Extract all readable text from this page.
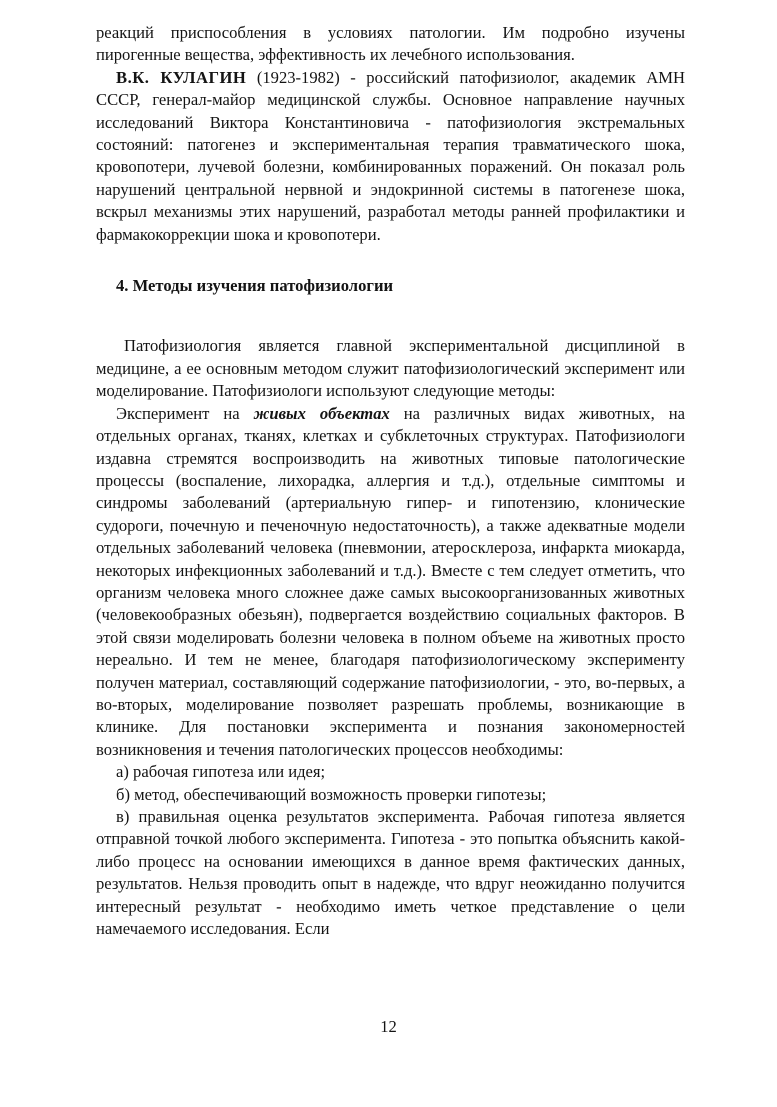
реакций приспособления в условиях патологии. Им подробно изучены пирогенные вещества, эффективность их лечебного использования.

В.К. КУЛАГИН (1923-1982) - российский патофизиолог, академик АМН СССР, генерал-майор медицинской службы. Основное направление научных исследований Виктора Константиновича - патофизиология экстремальных состояний: патогенез и экспериментальная терапия травматического шока, кровопотери, лучевой болезни, комбинированных поражений. Он показал роль нарушений центральной нервной и эндокринной системы в патогенезе шока, вскрыл механизмы этих нарушений, разработал методы ранней профилактики и фармакокоррекции шока и кровопотери.

4. Методы изучения патофизиологии

Патофизиология является главной экспериментальной дисциплиной в медицине, а ее основным методом служит патофизиологический эксперимент или моделирование. Патофизиологи используют следующие методы:

Эксперимент на живых объектах на различных видах животных, на отдельных органах, тканях, клетках и субклеточных структурах. Патофизиологи издавна стремятся воспроизводить на животных типовые патологические процессы (воспаление, лихорадка, аллергия и т.д.), отдельные симптомы и синдромы заболеваний (артериальную гипер- и гипотензию, клонические судороги, почечную и печеночную недостаточность), а также адекватные модели отдельных заболеваний человека (пневмонии, атеросклероза, инфаркта миокарда, некоторых инфекционных заболеваний и т.д.). Вместе с тем следует отметить, что организм человека много сложнее даже самых высокоорганизованных животных (человекообразных обезьян), подвергается воздействию социальных факторов. В этой связи моделировать болезни человека в полном объеме на животных просто нереально. И тем не менее, благодаря патофизиологическому эксперименту получен материал, составляющий содержание патофизиологии, - это, во-первых, а во-вторых, моделирование позволяет разрешать проблемы, возникающие в клинике. Для постановки эксперимента и познания закономерностей возникновения и течения патологических процессов необходимы:

а) рабочая гипотеза или идея;

б) метод, обеспечивающий возможность проверки гипотезы;

в) правильная оценка результатов эксперимента. Рабочая гипотеза является отправной точкой любого эксперимента. Гипотеза - это попытка объяснить какой-либо процесс на основании имеющихся в данное время фактических данных, результатов. Нельзя проводить опыт в надежде, что вдруг неожиданно получится интересный результат - необходимо иметь четкое представление о цели намечаемого исследования. Если

12
